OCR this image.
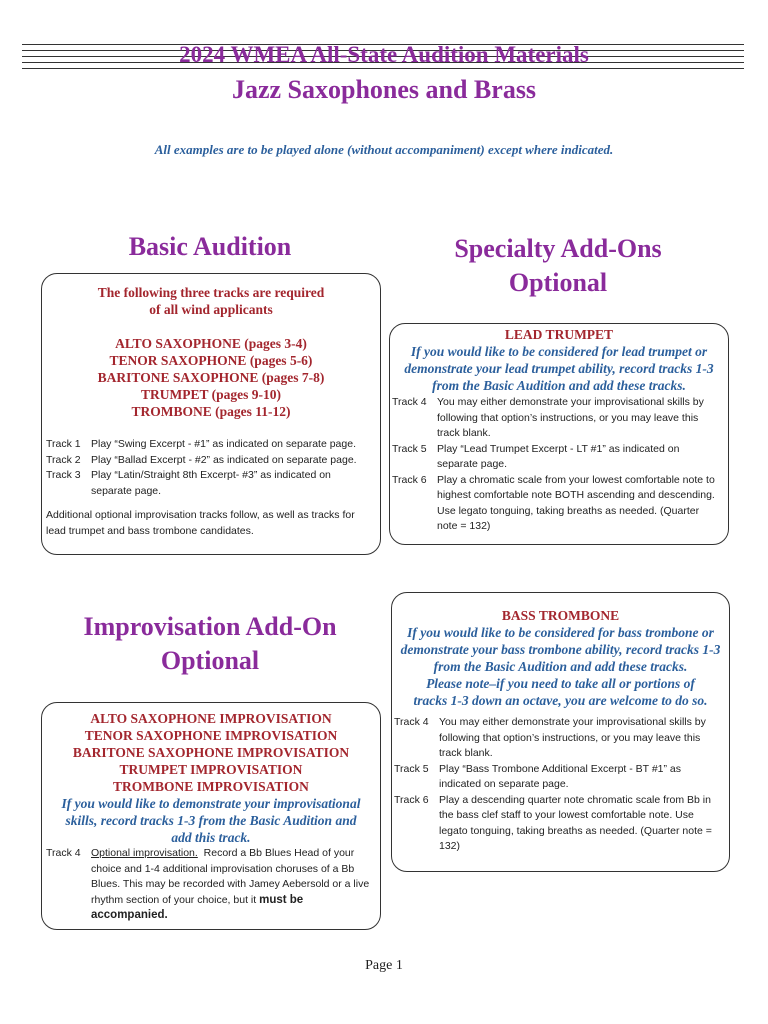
2024 WMEA All-State Audition Materials
Jazz Saxophones and Brass
All examples are to be played alone (without accompaniment) except where indicated.
Basic Audition
The following three tracks are required
of all wind applicants
ALTO SAXOPHONE (pages 3-4)
TENOR SAXOPHONE (pages 5-6)
BARITONE SAXOPHONE (pages 7-8)
TRUMPET (pages 9-10)
TROMBONE (pages 11-12)
Track 1 Play “Swing Excerpt - #1” as indicated on separate page.
Track 2 Play “Ballad Excerpt - #2” as indicated on separate page.
Track 3 Play “Latin/Straight 8th Excerpt- #3” as indicated on separate page.
Additional optional improvisation tracks follow, as well as tracks for lead trumpet and bass trombone candidates.
Specialty Add-Ons
Optional
LEAD TRUMPET
If you would like to be considered for lead trumpet or demonstrate your lead trumpet ability, record tracks 1-3 from the Basic Audition and add these tracks.
Track 4 You may either demonstrate your improvisational skills by following that option’s instructions, or you may leave this track blank.
Track 5 Play “Lead Trumpet Excerpt - LT #1” as indicated on separate page.
Track 6 Play a chromatic scale from your lowest comfortable note to highest comfortable note BOTH ascending and descending. Use legato tonguing, taking breaths as needed. (Quarter note = 132)
BASS TROMBONE
If you would like to be considered for bass trombone or demonstrate your bass trombone ability, record tracks 1-3 from the Basic Audition and add these tracks.
Please note–if you need to take all or portions of tracks 1-3 down an octave, you are welcome to do so.
Track 4 You may either demonstrate your improvisational skills by following that option’s instructions, or you may leave this track blank.
Track 5 Play “Bass Trombone Additional Excerpt - BT #1” as indicated on separate page.
Track 6 Play a descending quarter note chromatic scale from Bb in the bass clef staff to your lowest comfortable note. Use legato tonguing, taking breaths as needed. (Quarter note = 132)
Improvisation Add-On
Optional
ALTO SAXOPHONE IMPROVISATION
TENOR SAXOPHONE IMPROVISATION
BARITONE SAXOPHONE IMPROVISATION
TRUMPET IMPROVISATION
TROMBONE IMPROVISATION
If you would like to demonstrate your improvisational skills, record tracks 1-3 from the Basic Audition and add this track.
Track 4 Optional improvisation. Record a Bb Blues Head of your choice and 1-4 additional improvisation choruses of a Bb Blues. This may be recorded with Jamey Aebersold or a live rhythm section of your choice, but it must be accompanied.
Page 1
